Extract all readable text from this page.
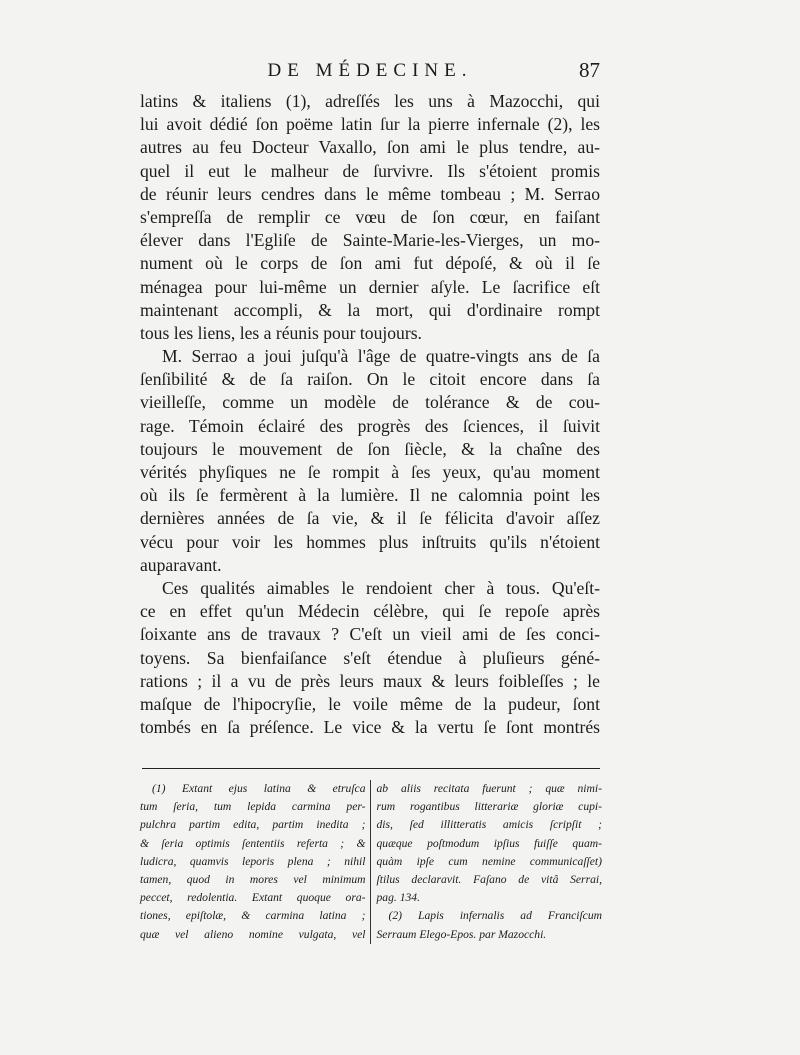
DE MÉDECINE.	87
latins & italiens (1), adreſſés les uns à Mazocchi, qui
lui avoit dédié ſon poëme latin ſur la pierre infernale (2), les
autres au feu Docteur Vaxallo, ſon ami le plus tendre, au-
quel il eut le malheur de ſurvivre. Ils s'étoient promis
de réunir leurs cendres dans le même tombeau ; M. Serrao
s'empreſſa de remplir ce vœu de ſon cœur, en faiſant
élever dans l'Egliſe de Sainte-Marie-les-Vierges, un mo-
nument où le corps de ſon ami fut dépoſé, & où il ſe
ménagea pour lui-même un dernier aſyle. Le ſacrifice eſt
maintenant accompli, & la mort, qui d'ordinaire rompt
tous les liens, les a réunis pour toujours.
M. Serrao a joui juſqu'à l'âge de quatre-vingts ans de ſa
ſenſibilité & de ſa raiſon. On le citoit encore dans ſa
vieilleſſe, comme un modèle de tolérance & de cou-
rage. Témoin éclairé des progrès des ſciences, il ſuivit
toujours le mouvement de ſon ſiècle, & la chaîne des
vérités phyſiques ne ſe rompit à ſes yeux, qu'au moment
où ils ſe fermèrent à la lumière. Il ne calomnia point les
dernières années de ſa vie, & il ſe félicita d'avoir aſſez
vécu pour voir les hommes plus inſtruits qu'ils n'étoient
auparavant.
Ces qualités aimables le rendoient cher à tous. Qu'eſt-
ce en effet qu'un Médecin célèbre, qui ſe repoſe après
ſoixante ans de travaux ? C'eſt un vieil ami de ſes conci-
toyens. Sa bienfaiſance s'eſt étendue à pluſieurs géné-
rations ; il a vu de près leurs maux & leurs foibleſſes ; le
maſque de l'hipocryſie, le voile même de la pudeur, ſont
tombés en ſa préſence. Le vice & la vertu ſe ſont montrés
(1) Extant ejus latina & etruſca
tum ſeria, tum lepida carmina per-
pulchra partim edita, partim inedita ;
& ſeria optimis ſententiis referta ; &
ludicra, quamvis leporis plena ; nihil
tamen, quod in mores vel minimum
peccet, redolentia. Extant quoque ora-
tiones, epiſtolæ, & carmina latina ;
quæ vel alieno nomine vulgata, vel
ab aliis recitata fuerunt ; quæ nimi-
rum rogantibus litterariæ gloriæ cupi-
dis, ſed illitteratis amicis ſcripſit ;
quæque poſtmodum ipſius fuiſſe quam-
quàm ipſe cum nemine communicaſſet)
ſtilus declaravit. Faſano de vitâ Serrai,
pag. 134.
(2) Lapis infernalis ad Franciſcum
Serraum Elego-Epos. par Mazocchi.
